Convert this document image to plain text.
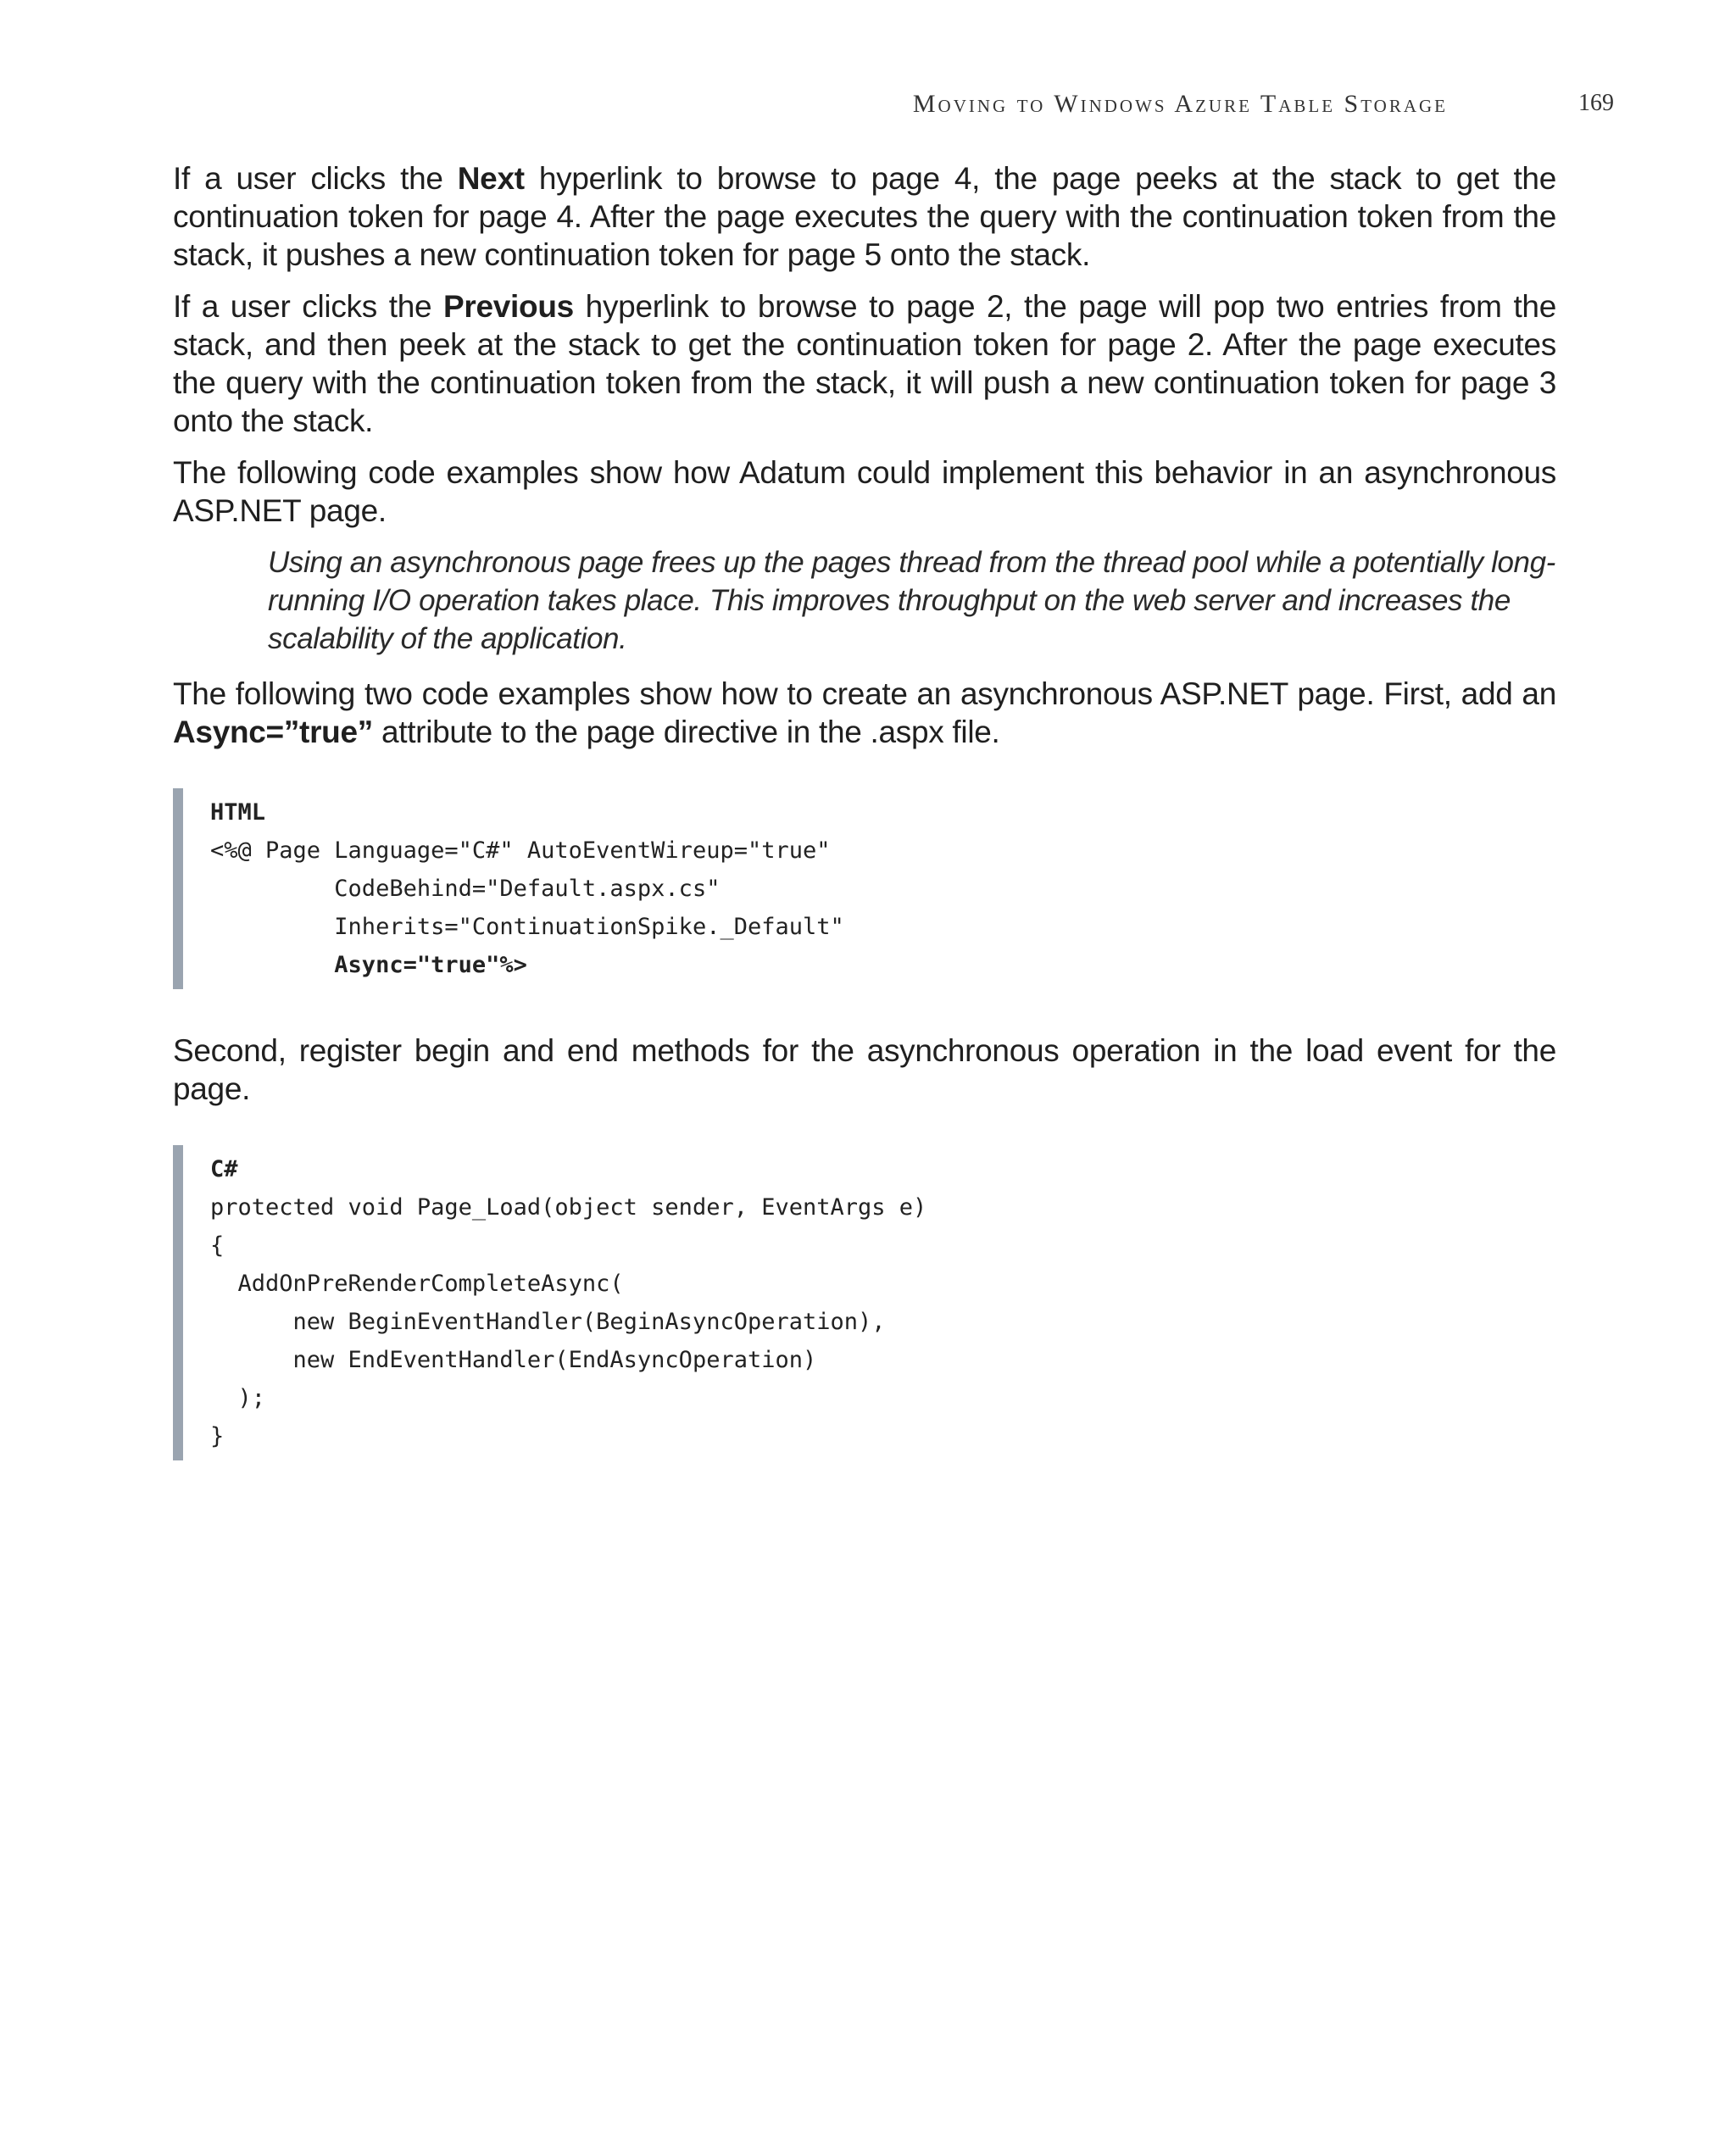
Moving to Windows Azure Table Storage	169

If a user clicks the Next hyperlink to browse to page 4, the page peeks at the stack to get the continuation token for page 4. After the page executes the query with the continuation token from the stack, it pushes a new continuation token for page 5 onto the stack.

If a user clicks the Previous hyperlink to browse to page 2, the page will pop two entries from the stack, and then peek at the stack to get the continuation token for page 2. After the page executes the query with the continuation token from the stack, it will push a new continuation token for page 3 onto the stack.

The following code examples show how Adatum could implement this behavior in an asynchronous ASP.NET page.

Using an asynchronous page frees up the pages thread from the thread pool while a potentially long-running I/O operation takes place. This improves throughput on the web server and increases the scalability of the application.

The following two code examples show how to create an asynchronous ASP.NET page. First, add an Async=”true” attribute to the page directive in the .aspx file.

HTML
<%@ Page Language="C#" AutoEventWireup="true"
CodeBehind="Default.aspx.cs"
Inherits="ContinuationSpike._Default"
Async="true"%>

Second, register begin and end methods for the asynchronous operation in the load event for the page.

C#
protected void Page_Load(object sender, EventArgs e)
{
AddOnPreRenderCompleteAsync(
new BeginEventHandler(BeginAsyncOperation),
new EndEventHandler(EndAsyncOperation)
);
}
